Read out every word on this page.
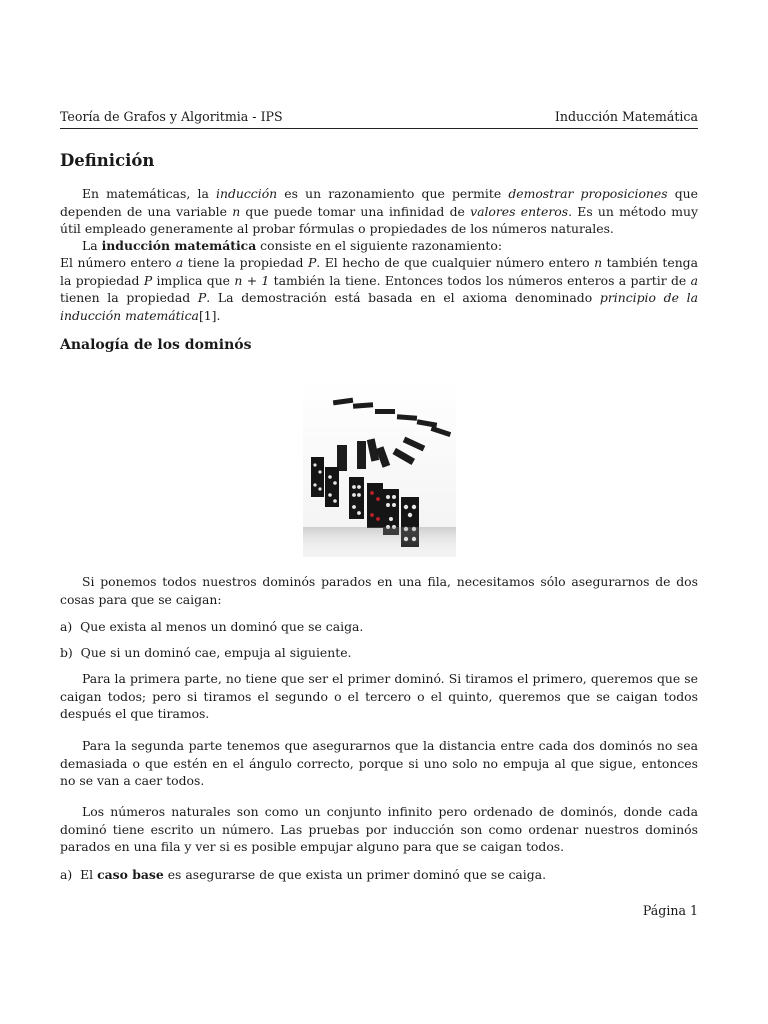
Teoría de Grafos y Algoritmia - IPS	Inducción Matemática
Definición
En matemáticas, la inducción es un razonamiento que permite demostrar proposiciones que dependen de una variable n que puede tomar una infinidad de valores enteros. Es un método muy útil empleado generamente al probar fórmulas o propiedades de los números naturales.
La inducción matemática consiste en el siguiente razonamiento:
El número entero a tiene la propiedad P. El hecho de que cualquier número entero n también tenga la propiedad P implica que n + 1 también la tiene. Entonces todos los números enteros a partir de a tienen la propiedad P. La demostración está basada en el axioma denominado principio de la inducción matemática[1].
Analogía de los dominós
Si ponemos todos nuestros dominós parados en una fila, necesitamos sólo asegurarnos de dos cosas para que se caigan:
a) Que exista al menos un dominó que se caiga.
b) Que si un dominó cae, empuja al siguiente.
Para la primera parte, no tiene que ser el primer dominó. Si tiramos el primero, queremos que se caigan todos; pero si tiramos el segundo o el tercero o el quinto, queremos que se caigan todos después el que tiramos.
Para la segunda parte tenemos que asegurarnos que la distancia entre cada dos dominós no sea demasiada o que estén en el ángulo correcto, porque si uno solo no empuja al que sigue, entonces no se van a caer todos.
Los números naturales son como un conjunto infinito pero ordenado de dominós, donde cada dominó tiene escrito un número. Las pruebas por inducción son como ordenar nuestros dominós parados en una fila y ver si es posible empujar alguno para que se caigan todos.
a) El caso base es asegurarse de que exista un primer dominó que se caiga.
Página 1
